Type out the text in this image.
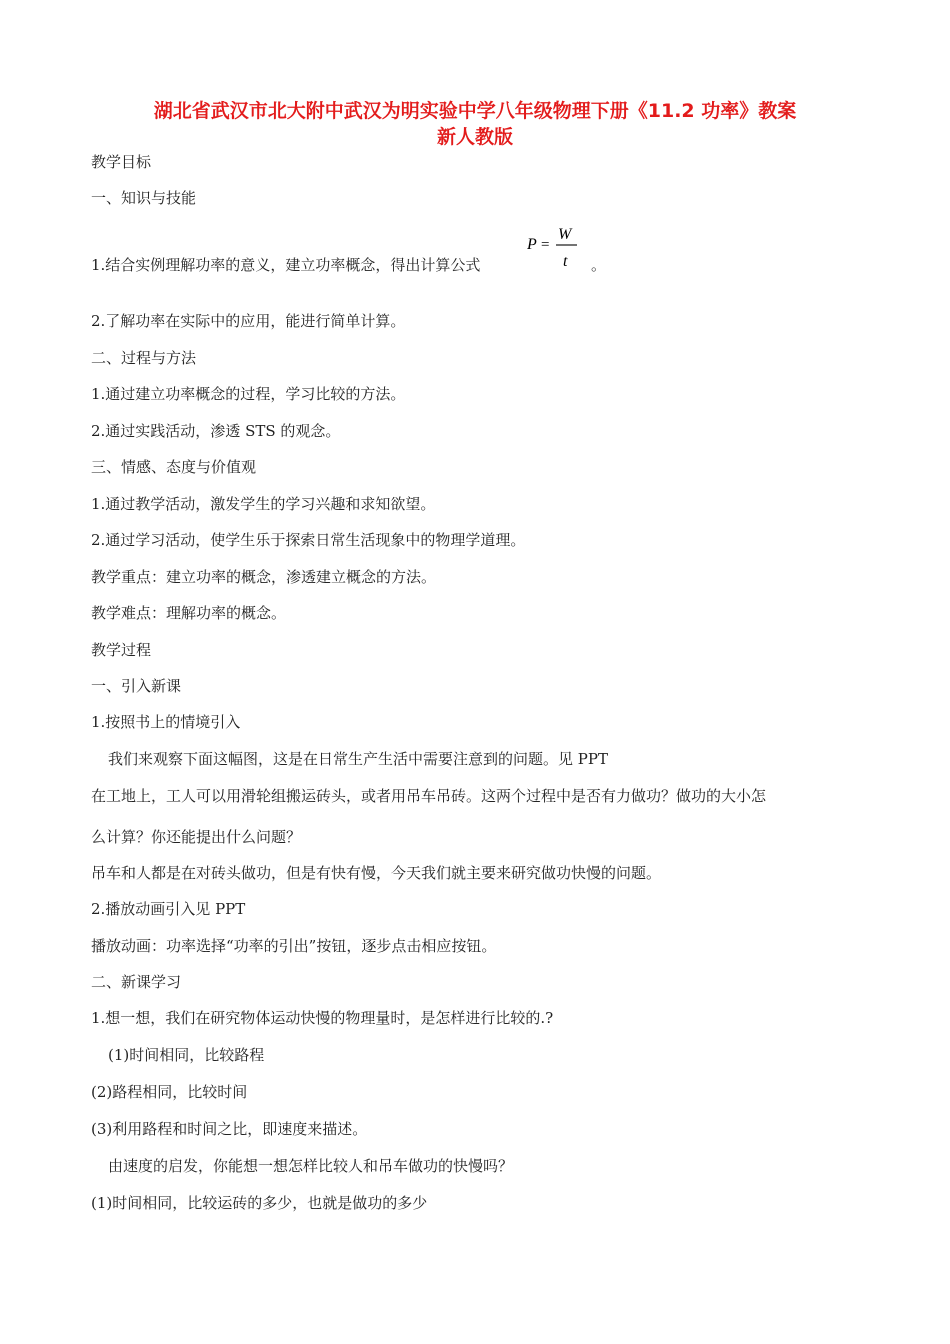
湖北省武汉市北大附中武汉为明实验中学八年级物理下册《11.2 功率》教案
新人教版
教学目标
一、知识与技能
1.结合实例理解功率的意义，建立功率概念，得出计算公式
P =
W
t 。
2.了解功率在实际中的应用，能进行简单计算。
二、过程与方法
1.通过建立功率概念的过程，学习比较的方法。
2.通过实践活动，渗透 STS 的观念。
三、情感、态度与价值观
1.通过教学活动，激发学生的学习兴趣和求知欲望。
2.通过学习活动，使学生乐于探索日常生活现象中的物理学道理。
教学重点：建立功率的概念，渗透建立概念的方法。
教学难点：理解功率的概念。
教学过程
一、引入新课
1.按照书上的情境引入
我们来观察下面这幅图，这是在日常生产生活中需要注意到的问题。见 PPT
在工地上，工人可以用滑轮组搬运砖头，或者用吊车吊砖。这两个过程中是否有力做功？做功的大小怎
么计算？你还能提出什么问题？
吊车和人都是在对砖头做功，但是有快有慢，今天我们就主要来研究做功快慢的问题。
2.播放动画引入见 PPT
播放动画：功率选择“功率的引出”按钮，逐步点击相应按钮。
二、新课学习
1.想一想，我们在研究物体运动快慢的物理量时，是怎样进行比较的.?
(1)时间相同，比较路程
(2)路程相同，比较时间
(3)利用路程和时间之比，即速度来描述。
由速度的启发，你能想一想怎样比较人和吊车做功的快慢吗？
(1)时间相同，比较运砖的多少，也就是做功的多少
